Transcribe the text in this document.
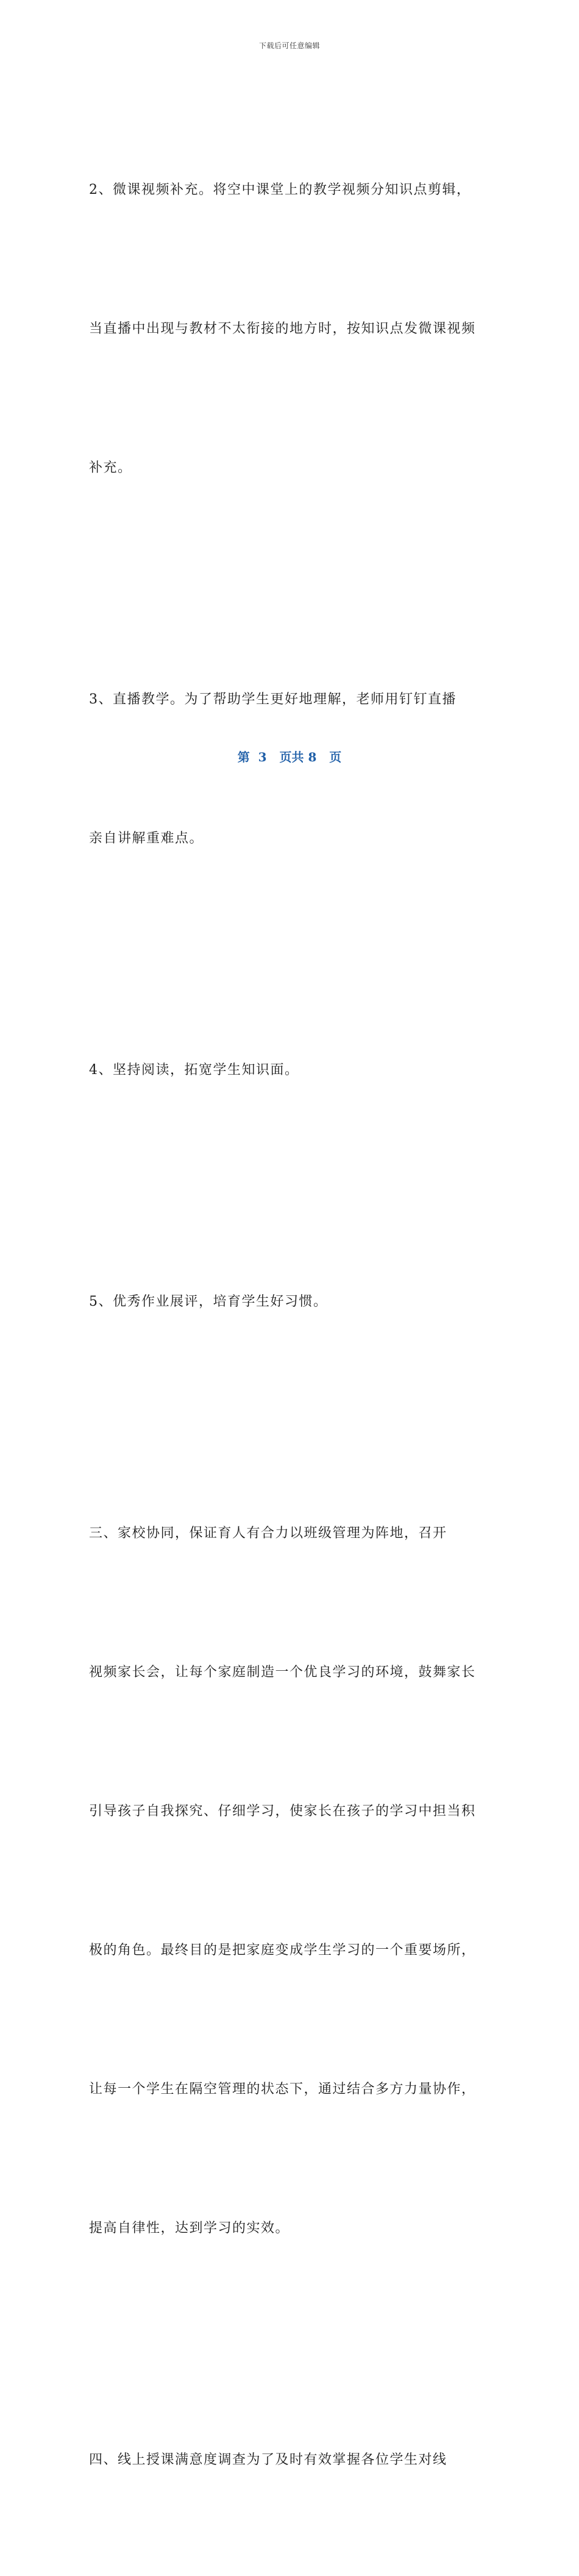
下载后可任意编辑

2、微课视频补充。将空中课堂上的教学视频分知识点剪辑，

当直播中出现与教材不太衔接的地方时，按知识点发微课视频

补充。

3、直播教学。为了帮助学生更好地理解，老师用钉钉直播

亲自讲解重难点。

4、坚持阅读，拓宽学生知识面。

5、优秀作业展评，培育学生好习惯。

三、家校协同，保证育人有合力以班级管理为阵地，召开

视频家长会，让每个家庭制造一个优良学习的环境，鼓舞家长

引导孩子自我探究、仔细学习，使家长在孩子的学习中担当积

极的角色。最终目的是把家庭变成学生学习的一个重要场所，

让每一个学生在隔空管理的状态下，通过结合多方力量协作，

提高自律性，达到学习的实效。

四、线上授课满意度调查为了及时有效掌握各位学生对线

第  3   页共 8   页
